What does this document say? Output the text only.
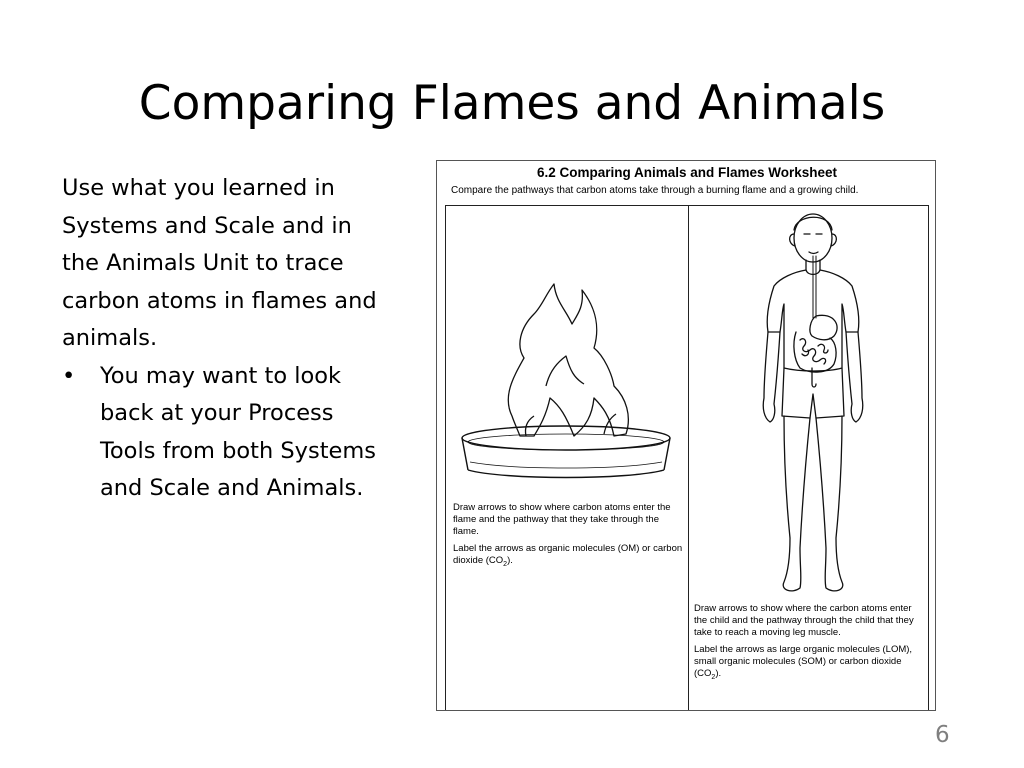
Comparing Flames and Animals

Use what you learned in Systems and Scale and in the Animals Unit to trace carbon atoms in flames and animals.

•	You may want to look back at your Process Tools from both Systems and Scale and Animals.
6.2 Comparing Animals and Flames Worksheet
Compare the pathways that carbon atoms take through a burning flame and a growing child.

Draw arrows to show where carbon atoms enter the flame and the pathway that they take through the flame.

Label the arrows as organic molecules (OM) or carbon dioxide $(CO_2)$.

Draw arrows to show where the carbon atoms enter the child and the pathway through the child that they take to reach a moving leg muscle.

Label the arrows as large organic molecules (LOM), small organic molecules (SOM) or carbon dioxide $(CO_2)$.

6
